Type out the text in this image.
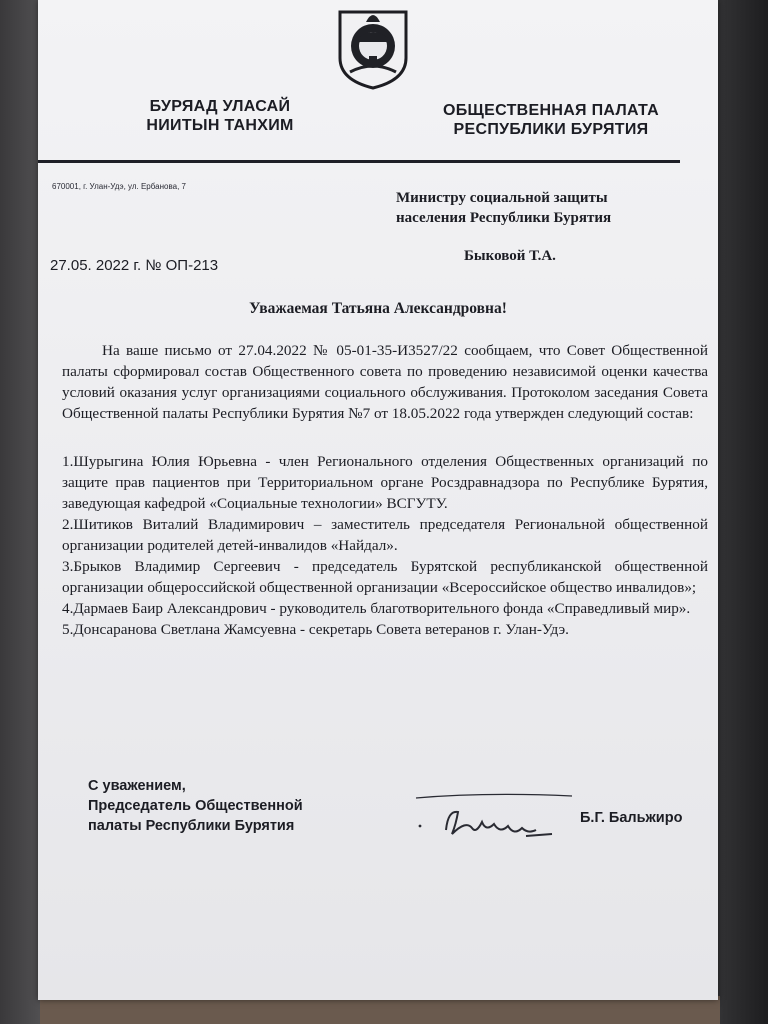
БУРЯАД УЛАСАЙ
НИИТЫН ТАНХИМ
ОБЩЕСТВЕННАЯ ПАЛАТА
РЕСПУБЛИКИ БУРЯТИЯ
670001, г. Улан-Удэ, ул. Ербанова, 7
Министру социальной защиты
населения Республики Бурятия
Быковой Т.А.
27.05. 2022 г. № ОП-213
Уважаемая Татьяна Александровна!

На ваше письмо от 27.04.2022 № 05-01-35-И3527/22 сообщаем, что Совет Общественной палаты сформировал состав Общественного совета по проведению независимой оценки качества условий оказания услуг организациями социального обслуживания. Протоколом заседания Совета Общественной палаты Республики Бурятия №7 от 18.05.2022 года утвержден следующий состав:

1.Шурыгина Юлия Юрьевна - член Регионального отделения Общественных организаций по защите прав пациентов при Территориальном органе Росздравнадзора по Республике Бурятия, заведующая кафедрой «Социальные технологии» ВСГУТУ.

2.Шитиков Виталий Владимирович – заместитель председателя Региональной общественной организации родителей детей-инвалидов «Найдал».

3.Брыков Владимир Сергеевич - председатель Бурятской республиканской общественной организации общероссийской общественной организации «Всероссийское общество инвалидов»;

4.Дармаев Баир Александрович - руководитель благотворительного фонда «Справедливый мир».

5.Донсаранова Светлана Жамсуевна - секретарь Совета ветеранов г. Улан-Удэ.

С уважением,
Председатель Общественной
палаты Республики Бурятия	Б.Г. Бальжиро
